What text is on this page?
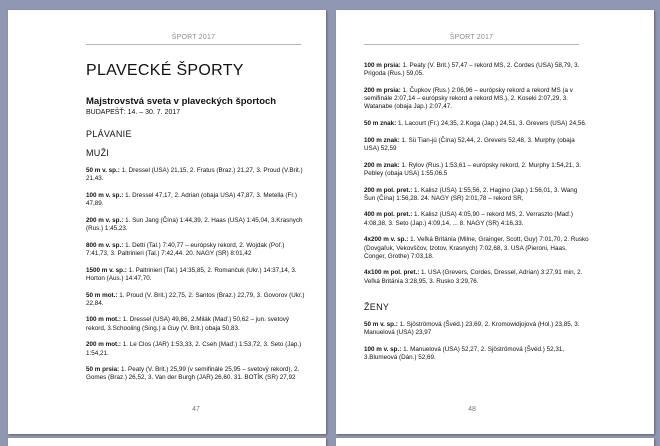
ŠPORT 2017
PLAVECKÉ ŠPORTY

Majstrovstvá sveta v plaveckých športoch

BUDAPEŠŤ: 14. – 30. 7. 2017

PLÁVANIE

MUŽI

50 m v. sp.: 1. Dressel (USA) 21,15, 2. Fratus (Braz.) 21,27, 3. Proud (V.Brit.) 21,43.

100 m v. sp.: 1. Dressel 47,17, 2. Adrian (obaja USA) 47,87, 3. Metella (Fr.) 47,89.

200 m v. sp.: 1. Sun Jang (Čína) 1:44,39, 2. Haas (USA) 1:45,04, 3.Krasnych (Rus.) 1:45,23.

800 m v. sp.: 1. Detti (Tal.) 7:40,77 – európsky rekord, 2. Wojdak (Poľ.) 7:41,73, 3. Paltrinieri (Tal.) 7:42,44. 20. NAGY (SR) 8:01,42

1500 m v. sp.: 1. Paltrinieri (Tal.) 14:35,85, 2. Romančuk (Ukr.) 14:37,14, 3. Horton (Aus.) 14:47,70.

50 m mot.: 1. Proud (V. Brit.) 22,75, 2. Santos (Braz.) 22,79, 3. Govorov (Ukr.) 22,84.

100 m mot.: 1. Dressel (USA) 49,86, 2.Milák (Maď.) 50,62 – jun. svetový rekord, 3.Schooling (Sing.) a Guy (V. Brit.) obaja 50,83.

200 m mot.: 1. Le Clos (JAR) 1:53,33, 2. Cseh (Maď.) 1:53,72, 3. Seto (Jap.) 1:54,21.

50 m prsia: 1. Peaty (V. Brit.) 25,99 (v semifinále 25,95 – svetový rekord), 2. Gomes (Braz.) 26,52, 3. Van der Burgh (JAR) 26,60. 31. BOTÍK (SR) 27,92

47
ŠPORT 2017

100 m prsia: 1. Peaty (V. Brit.) 57,47 – rekord MS, 2. Cordes (USA) 58,79, 3. Prigoda (Rus.) 59,05.

200 m prsia: 1. Čupkov (Rus.) 2:06,96 – európsky rekord a rekord MS (a v semifinále 2:07,14 – európsky rekord a rekord MS.), 2. Koseki 2:07,29, 3. Watanabe (obaja Jap.) 2:07,47.

50 m znak: 1. Lacourt (Fr.) 24,35, 2.Koga (Jap.) 24,51, 3. Grevers (USA) 24,56.

100 m znak: 1. Sü Tian-jü (Čína) 52,44, 2. Grevers 52,48, 3. Murphy (obaja USA) 52,59

200 m znak: 1. Rylov (Rus.) 1:53,61 – európsky rekord, 2. Murphy 1:54,21, 3. Pebley (obaja USA) 1:55,06.5

200 m pol. pret.: 1. Kalisz (USA) 1:55,56, 2. Hagino (Jap.) 1:56,01, 3. Wang Šun (Čína) 1:56,28. 24. NAGY (SR) 2:01,78 – rekord SR,

400 m pol. pret.: 1. Kalisz (USA) 4:05,90 – rekord MS, 2. Verraszto (Maď.) 4:08,38, 3. Seto (Jap.) 4:09,14, ... 8. NAGY (SR) 4:16,33.

4x200 m v. sp.: 1. Veľká Británia (Milne, Grainger, Scott, Guy) 7:01,70, 2. Rusko (Dovgaľuk, Vekovščov, Izotov, Krasnych) 7:02,68, 3. USA (Pieroni, Haas, Conger, Grothe) 7:03,18.

4x100 m pol. pret.: 1. USA (Grevers, Cordes, Dressel, Adrian) 3:27,91 min, 2. Veľká Británia 3:28,95, 3. Rusko 3:29,76.

ŽENY

50 m v. sp.: 1. Sjöströmová (Švéd.) 23,69, 2. Kromowidjojová (Hol.) 23,85, 3. Manuelová (USA) 23,97

100 m v. sp.: 1. Manuelová (USA) 52,27, 2. Sjöströmová (Švéd.) 52,31, 3.Blumeová (Dán.) 52,69.

48
